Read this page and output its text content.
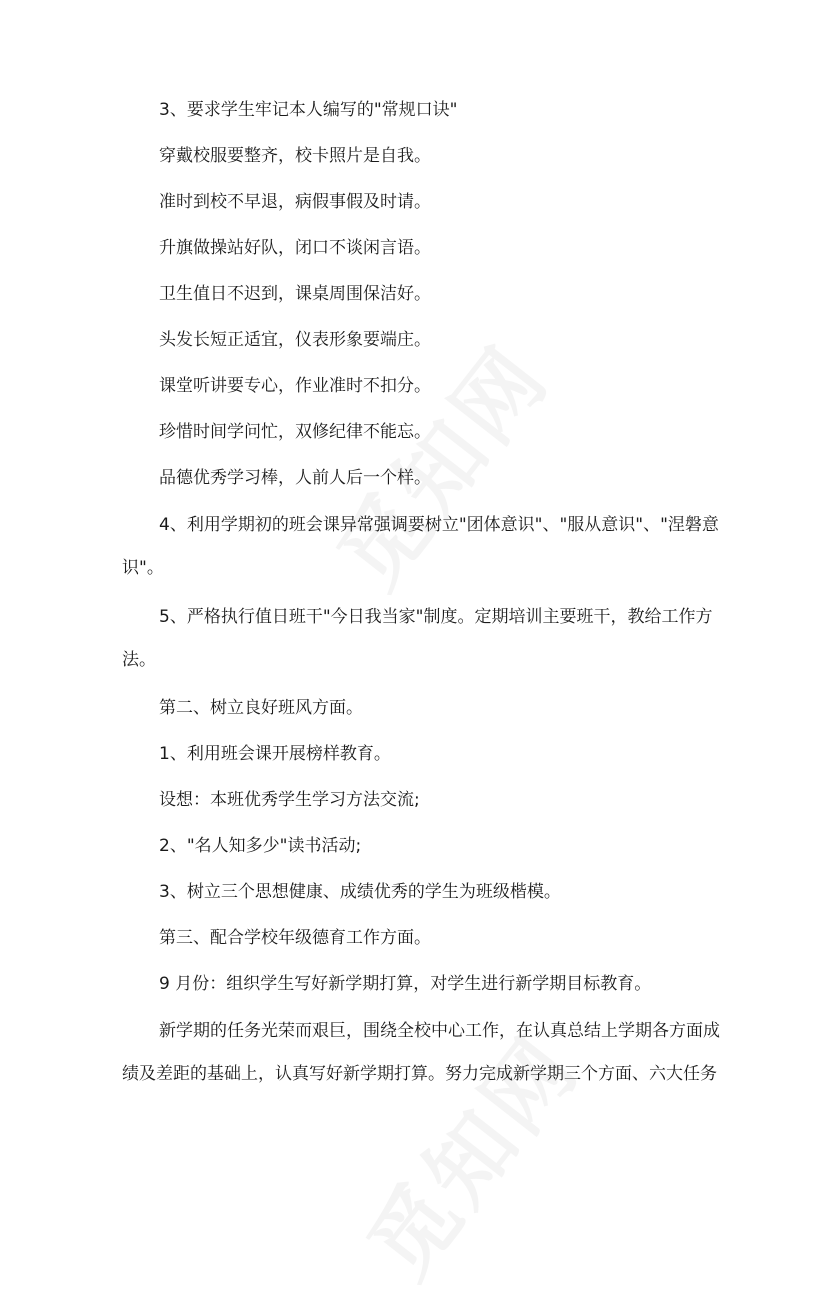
3、要求学生牢记本人编写的"常规口诀"

穿戴校服要整齐，校卡照片是自我。

准时到校不早退，病假事假及时请。

升旗做操站好队，闭口不谈闲言语。

卫生值日不迟到，课桌周围保洁好。

头发长短正适宜，仪表形象要端庄。

课堂听讲要专心，作业准时不扣分。

珍惜时间学问忙，双修纪律不能忘。

品德优秀学习棒，人前人后一个样。

4、利用学期初的班会课异常强调要树立"团体意识"、"服从意识"、"涅磐意识"。

5、严格执行值日班干"今日我当家"制度。定期培训主要班干，教给工作方法。

第二、树立良好班风方面。

1、利用班会课开展榜样教育。

设想：本班优秀学生学习方法交流;

2、"名人知多少"读书活动;

3、树立三个思想健康、成绩优秀的学生为班级楷模。

第三、配合学校年级德育工作方面。

9 月份：组织学生写好新学期打算，对学生进行新学期目标教育。

新学期的任务光荣而艰巨，围绕全校中心工作，在认真总结上学期各方面成绩及差距的基础上，认真写好新学期打算。努力完成新学期三个方面、六大任务
